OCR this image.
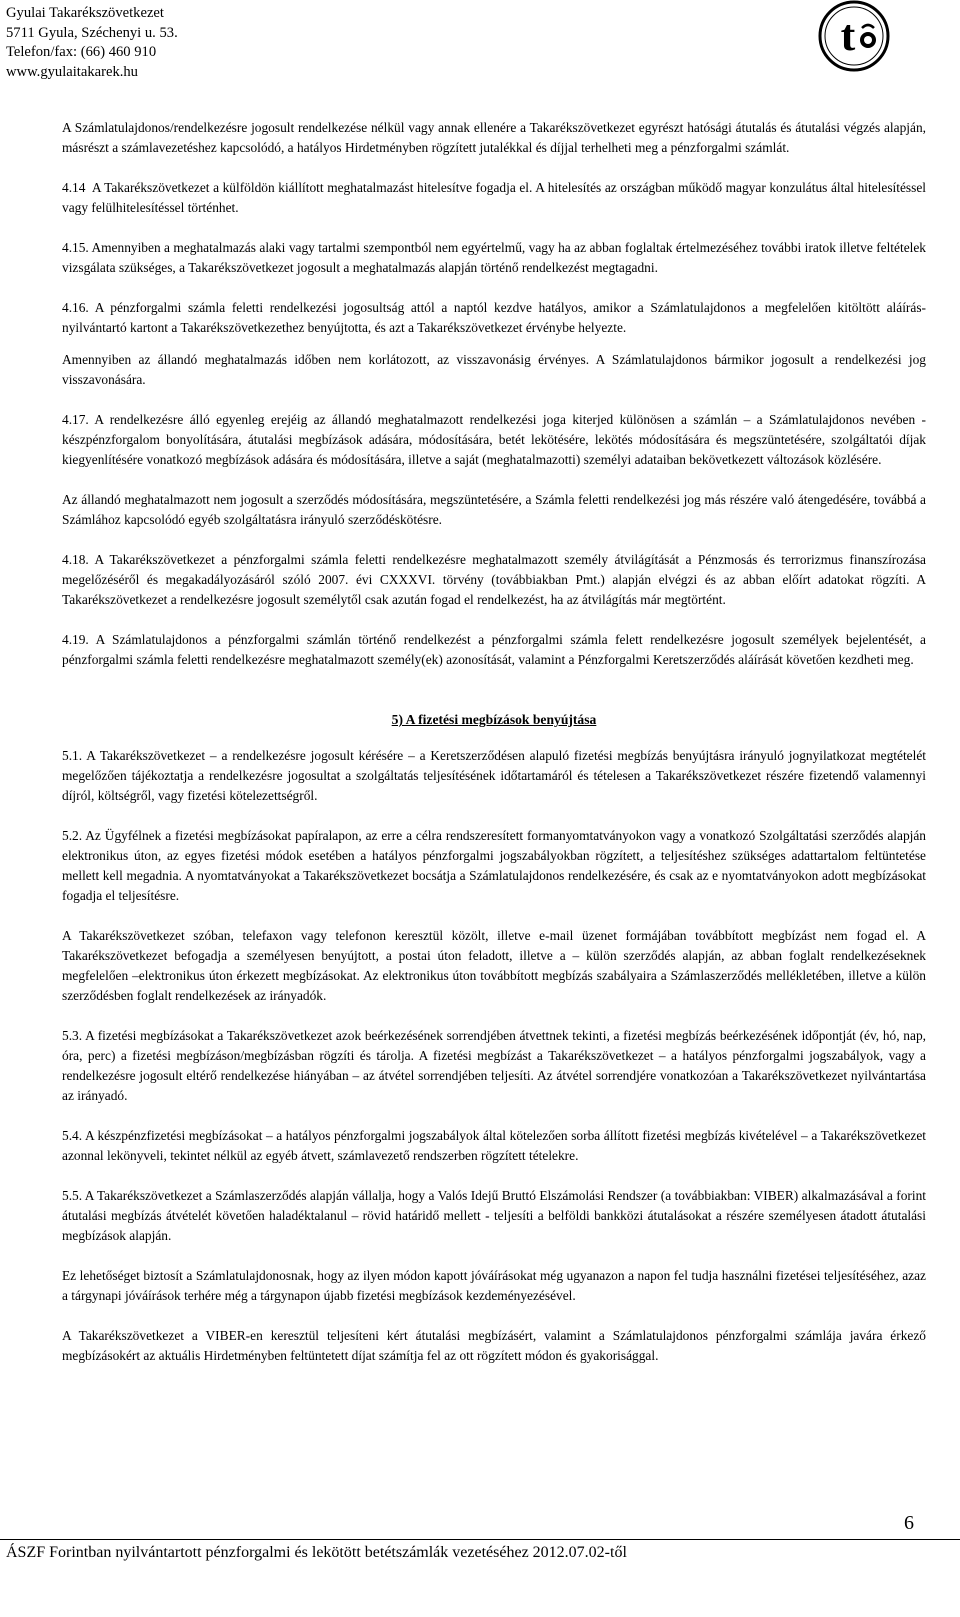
Gyulai Takarékszövetkezet
5711 Gyula, Széchenyi u. 53.
Telefon/fax: (66) 460 910
www.gyulaitakarek.hu
t

A Számlatulajdonos/rendelkezésre jogosult rendelkezése nélkül vagy annak ellenére a Takarékszövetkezet egyrészt hatósági átutalás és átutalási végzés alapján, másrészt a számlavezetéshez kapcsolódó, a hatályos Hirdetményben rögzített jutalékkal és díjjal terhelheti meg a pénzforgalmi számlát.

4.14 A Takarékszövetkezet a külföldön kiállított meghatalmazást hitelesítve fogadja el. A hitelesítés az országban működő magyar konzulátus által hitelesítéssel vagy felülhitelesítéssel történhet.

4.15. Amennyiben a meghatalmazás alaki vagy tartalmi szempontból nem egyértelmű, vagy ha az abban foglaltak értelmezéséhez további iratok illetve feltételek vizsgálata szükséges, a Takarékszövetkezet jogosult a meghatalmazás alapján történő rendelkezést megtagadni.

4.16. A pénzforgalmi számla feletti rendelkezési jogosultság attól a naptól kezdve hatályos, amikor a Számlatulajdonos a megfelelően kitöltött aláírás-nyilvántartó kartont a Takarékszövetkezethez benyújtotta, és azt a Takarékszövetkezet érvénybe helyezte.

Amennyiben az állandó meghatalmazás időben nem korlátozott, az visszavonásig érvényes. A Számlatulajdonos bármikor jogosult a rendelkezési jog visszavonására.

4.17. A rendelkezésre álló egyenleg erejéig az állandó meghatalmazott rendelkezési joga kiterjed különösen a számlán – a Számlatulajdonos nevében - készpénzforgalom bonyolítására, átutalási megbízások adására, módosítására, betét lekötésére, lekötés módosítására és megszüntetésére, szolgáltatói díjak kiegyenlítésére vonatkozó megbízások adására és módosítására, illetve a saját (meghatalmazotti) személyi adataiban bekövetkezett változások közlésére.

Az állandó meghatalmazott nem jogosult a szerződés módosítására, megszüntetésére, a Számla feletti rendelkezési jog más részére való átengedésére, továbbá a Számlához kapcsolódó egyéb szolgáltatásra irányuló szerződéskötésre.

4.18. A Takarékszövetkezet a pénzforgalmi számla feletti rendelkezésre meghatalmazott személy átvilágítását a Pénzmosás és terrorizmus finanszírozása megelőzéséről és megakadályozásáról szóló 2007. évi CXXXVI. törvény (továbbiakban Pmt.) alapján elvégzi és az abban előírt adatokat rögzíti. A Takarékszövetkezet a rendelkezésre jogosult személytől csak azután fogad el rendelkezést, ha az átvilágítás már megtörtént.

4.19. A Számlatulajdonos a pénzforgalmi számlán történő rendelkezést a pénzforgalmi számla felett rendelkezésre jogosult személyek bejelentését, a pénzforgalmi számla feletti rendelkezésre meghatalmazott személy(ek) azonosítását, valamint a Pénzforgalmi Keretszerződés aláírását követően kezdheti meg.

5) A fizetési megbízások benyújtása

5.1. A Takarékszövetkezet – a rendelkezésre jogosult kérésére – a Keretszerződésen alapuló fizetési megbízás benyújtásra irányuló jognyilatkozat megtételét megelőzően tájékoztatja a rendelkezésre jogosultat a szolgáltatás teljesítésének időtartamáról és tételesen a Takarékszövetkezet részére fizetendő valamennyi díjról, költségről, vagy fizetési kötelezettségről.

5.2. Az Ügyfélnek a fizetési megbízásokat papíralapon, az erre a célra rendszeresített formanyomtatványokon vagy a vonatkozó Szolgáltatási szerződés alapján elektronikus úton, az egyes fizetési módok esetében a hatályos pénzforgalmi jogszabályokban rögzített, a teljesítéshez szükséges adattartalom feltüntetése mellett kell megadnia. A nyomtatványokat a Takarékszövetkezet bocsátja a Számlatulajdonos rendelkezésére, és csak az e nyomtatványokon adott megbízásokat fogadja el teljesítésre.

A Takarékszövetkezet szóban, telefaxon vagy telefonon keresztül közölt, illetve e-mail üzenet formájában továbbított megbízást nem fogad el. A Takarékszövetkezet befogadja a személyesen benyújtott, a postai úton feladott, illetve a – külön szerződés alapján, az abban foglalt rendelkezéseknek megfelelően –elektronikus úton érkezett megbízásokat. Az elektronikus úton továbbított megbízás szabályaira a Számlaszerződés mellékletében, illetve a külön szerződésben foglalt rendelkezések az irányadók.

5.3. A fizetési megbízásokat a Takarékszövetkezet azok beérkezésének sorrendjében átvettnek tekinti, a fizetési megbízás beérkezésének időpontját (év, hó, nap, óra, perc) a fizetési megbízáson/megbízásban rögzíti és tárolja. A fizetési megbízást a Takarékszövetkezet – a hatályos pénzforgalmi jogszabályok, vagy a rendelkezésre jogosult eltérő rendelkezése hiányában – az átvétel sorrendjében teljesíti. Az átvétel sorrendjére vonatkozóan a Takarékszövetkezet nyilvántartása az irányadó.

5.4. A készpénzfizetési megbízásokat – a hatályos pénzforgalmi jogszabályok által kötelezően sorba állított fizetési megbízás kivételével – a Takarékszövetkezet azonnal lekönyveli, tekintet nélkül az egyéb átvett, számlavezető rendszerben rögzített tételekre.

5.5. A Takarékszövetkezet a Számlaszerződés alapján vállalja, hogy a Valós Idejű Bruttó Elszámolási Rendszer (a továbbiakban: VIBER) alkalmazásával a forint átutalási megbízás átvételét követően haladéktalanul – rövid határidő mellett - teljesíti a belföldi bankközi átutalásokat a részére személyesen átadott átutalási megbízások alapján.

Ez lehetőséget biztosít a Számlatulajdonosnak, hogy az ilyen módon kapott jóváírásokat még ugyanazon a napon fel tudja használni fizetései teljesítéséhez, azaz a tárgynapi jóváírások terhére még a tárgynapon újabb fizetési megbízások kezdeményezésével.

A Takarékszövetkezet a VIBER-en keresztül teljesíteni kért átutalási megbízásért, valamint a Számlatulajdonos pénzforgalmi számlája javára érkező megbízásokért az aktuális Hirdetményben feltüntetett díjat számítja fel az ott rögzített módon és gyakorisággal.

6
ÁSZF Forintban nyilvántartott pénzforgalmi és lekötött betétszámlák vezetéséhez 2012.07.02-től
